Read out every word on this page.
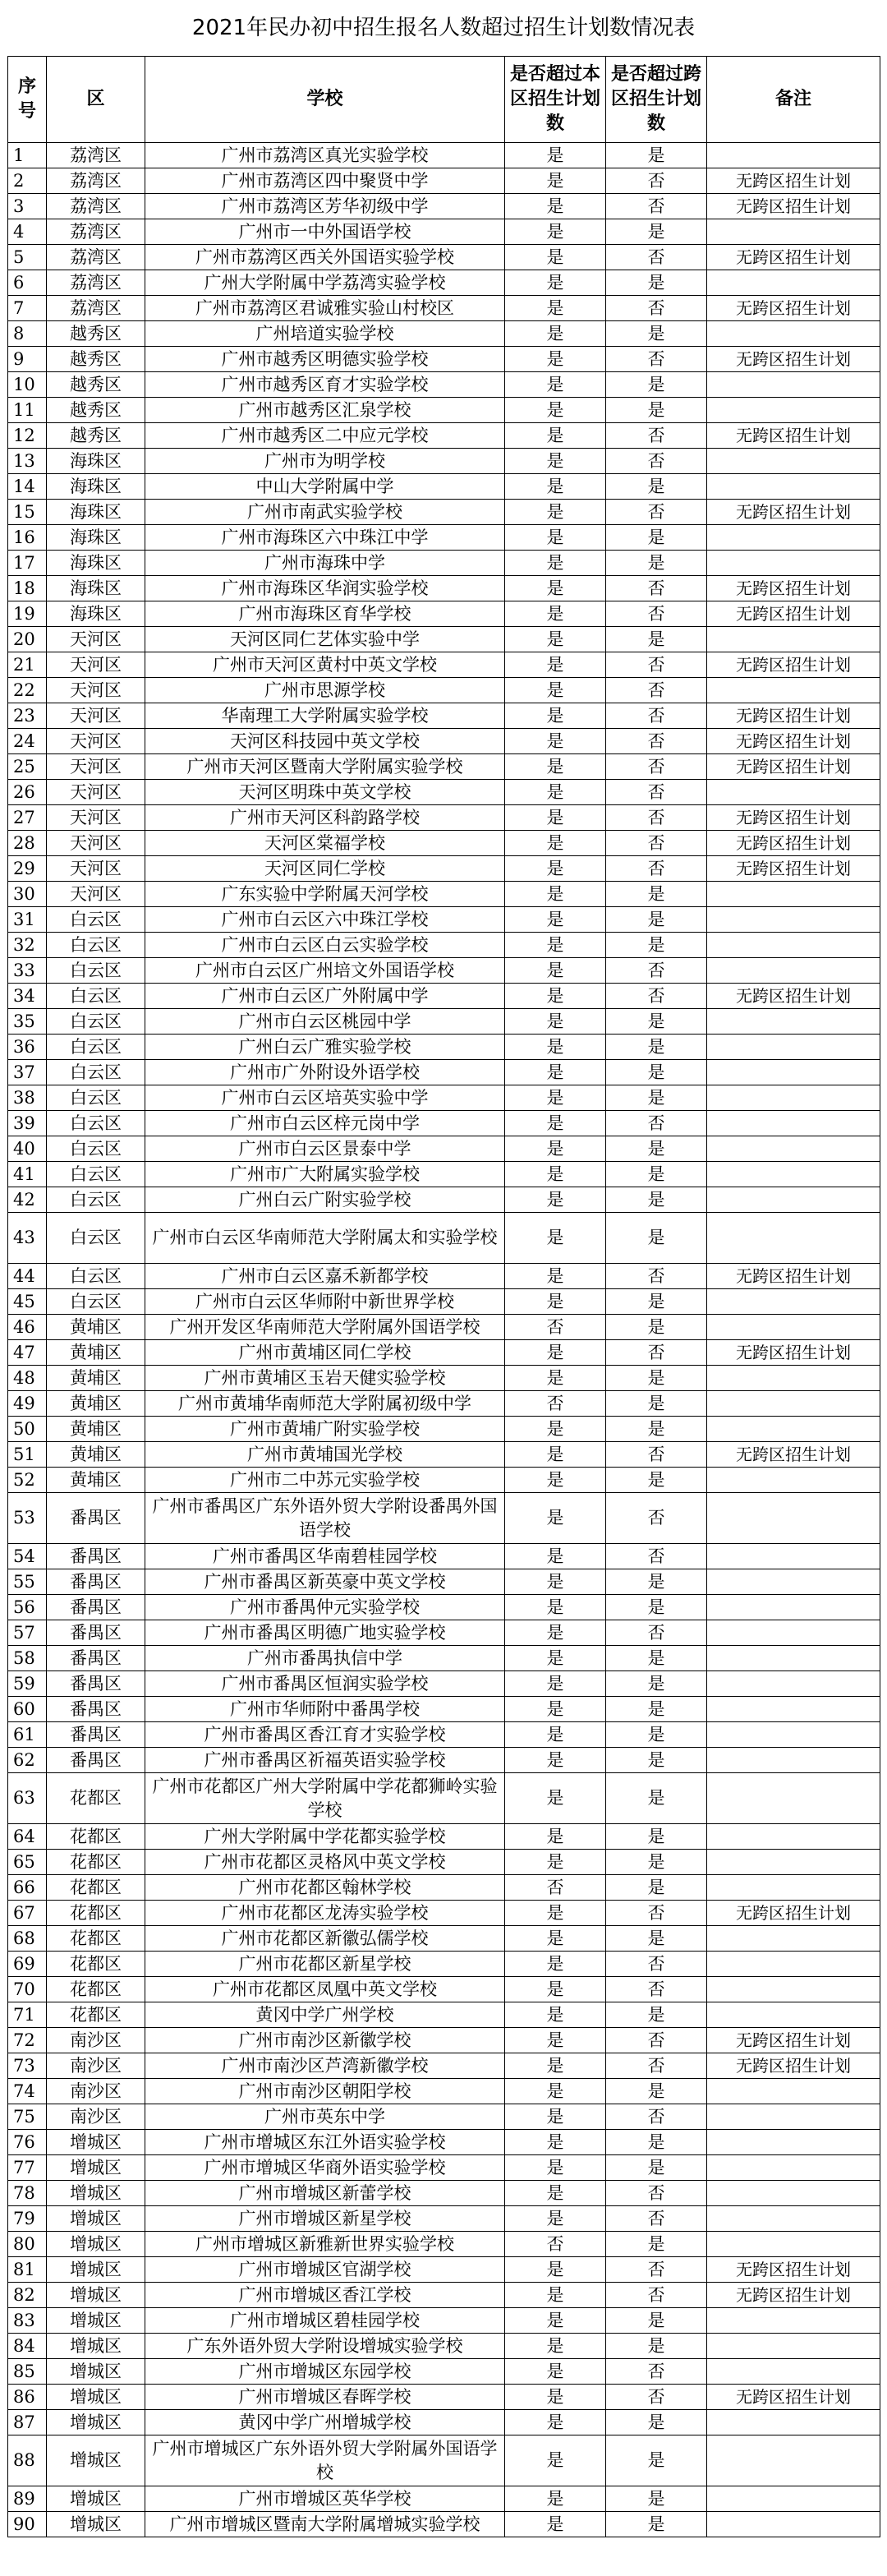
2021年民办初中招生报名人数超过招生计划数情况表
序号	区	学校	是否超过本区招生计划数	是否超过跨区招生计划数	备注
1	荔湾区	广州市荔湾区真光实验学校	是	是	
2	荔湾区	广州市荔湾区四中聚贤中学	是	否	无跨区招生计划
3	荔湾区	广州市荔湾区芳华初级中学	是	否	无跨区招生计划
4	荔湾区	广州市一中外国语学校	是	是	
5	荔湾区	广州市荔湾区西关外国语实验学校	是	否	无跨区招生计划
6	荔湾区	广州大学附属中学荔湾实验学校	是	是	
7	荔湾区	广州市荔湾区君诚雅实验山村校区	是	否	无跨区招生计划
8	越秀区	广州培道实验学校	是	是	
9	越秀区	广州市越秀区明德实验学校	是	否	无跨区招生计划
10	越秀区	广州市越秀区育才实验学校	是	是	
11	越秀区	广州市越秀区汇泉学校	是	是	
12	越秀区	广州市越秀区二中应元学校	是	否	无跨区招生计划
13	海珠区	广州市为明学校	是	否	
14	海珠区	中山大学附属中学	是	是	
15	海珠区	广州市南武实验学校	是	否	无跨区招生计划
16	海珠区	广州市海珠区六中珠江中学	是	是	
17	海珠区	广州市海珠中学	是	是	
18	海珠区	广州市海珠区华润实验学校	是	否	无跨区招生计划
19	海珠区	广州市海珠区育华学校	是	否	无跨区招生计划
20	天河区	天河区同仁艺体实验中学	是	是	
21	天河区	广州市天河区黄村中英文学校	是	否	无跨区招生计划
22	天河区	广州市思源学校	是	否	
23	天河区	华南理工大学附属实验学校	是	否	无跨区招生计划
24	天河区	天河区科技园中英文学校	是	否	无跨区招生计划
25	天河区	广州市天河区暨南大学附属实验学校	是	否	无跨区招生计划
26	天河区	天河区明珠中英文学校	是	否	
27	天河区	广州市天河区科韵路学校	是	否	无跨区招生计划
28	天河区	天河区棠福学校	是	否	无跨区招生计划
29	天河区	天河区同仁学校	是	否	无跨区招生计划
30	天河区	广东实验中学附属天河学校	是	是	
31	白云区	广州市白云区六中珠江学校	是	是	
32	白云区	广州市白云区白云实验学校	是	是	
33	白云区	广州市白云区广州培文外国语学校	是	否	
34	白云区	广州市白云区广外附属中学	是	否	无跨区招生计划
35	白云区	广州市白云区桃园中学	是	是	
36	白云区	广州白云广雅实验学校	是	是	
37	白云区	广州市广外附设外语学校	是	是	
38	白云区	广州市白云区培英实验中学	是	是	
39	白云区	广州市白云区梓元岗中学	是	否	
40	白云区	广州市白云区景泰中学	是	是	
41	白云区	广州市广大附属实验学校	是	是	
42	白云区	广州白云广附实验学校	是	是	
43	白云区	广州市白云区华南师范大学附属太和实验学校	是	是	
44	白云区	广州市白云区嘉禾新都学校	是	否	无跨区招生计划
45	白云区	广州市白云区华师附中新世界学校	是	是	
46	黄埔区	广州开发区华南师范大学附属外国语学校	否	是	
47	黄埔区	广州市黄埔区同仁学校	是	否	无跨区招生计划
48	黄埔区	广州市黄埔区玉岩天健实验学校	是	是	
49	黄埔区	广州市黄埔华南师范大学附属初级中学	否	是	
50	黄埔区	广州市黄埔广附实验学校	是	是	
51	黄埔区	广州市黄埔国光学校	是	否	无跨区招生计划
52	黄埔区	广州市二中苏元实验学校	是	是	
53	番禺区	广州市番禺区广东外语外贸大学附设番禺外国语学校	是	否	
54	番禺区	广州市番禺区华南碧桂园学校	是	否	
55	番禺区	广州市番禺区新英豪中英文学校	是	是	
56	番禺区	广州市番禺仲元实验学校	是	是	
57	番禺区	广州市番禺区明德广地实验学校	是	否	
58	番禺区	广州市番禺执信中学	是	是	
59	番禺区	广州市番禺区恒润实验学校	是	是	
60	番禺区	广州市华师附中番禺学校	是	是	
61	番禺区	广州市番禺区香江育才实验学校	是	是	
62	番禺区	广州市番禺区祈福英语实验学校	是	是	
63	花都区	广州市花都区广州大学附属中学花都狮岭实验学校	是	是	
64	花都区	广州大学附属中学花都实验学校	是	是	
65	花都区	广州市花都区灵格风中英文学校	是	是	
66	花都区	广州市花都区翰林学校	否	是	
67	花都区	广州市花都区龙涛实验学校	是	否	无跨区招生计划
68	花都区	广州市花都区新徽弘儒学校	是	是	
69	花都区	广州市花都区新星学校	是	否	
70	花都区	广州市花都区凤凰中英文学校	是	否	
71	花都区	黄冈中学广州学校	是	是	
72	南沙区	广州市南沙区新徽学校	是	否	无跨区招生计划
73	南沙区	广州市南沙区芦湾新徽学校	是	否	无跨区招生计划
74	南沙区	广州市南沙区朝阳学校	是	是	
75	南沙区	广州市英东中学	是	否	
76	增城区	广州市增城区东江外语实验学校	是	是	
77	增城区	广州市增城区华商外语实验学校	是	是	
78	增城区	广州市增城区新蕾学校	是	否	
79	增城区	广州市增城区新星学校	是	否	
80	增城区	广州市增城区新雅新世界实验学校	否	是	
81	增城区	广州市增城区官湖学校	是	否	无跨区招生计划
82	增城区	广州市增城区香江学校	是	否	无跨区招生计划
83	增城区	广州市增城区碧桂园学校	是	是	
84	增城区	广东外语外贸大学附设增城实验学校	是	是	
85	增城区	广州市增城区东园学校	是	否	
86	增城区	广州市增城区春晖学校	是	否	无跨区招生计划
87	增城区	黄冈中学广州增城学校	是	是	
88	增城区	广州市增城区广东外语外贸大学附属外国语学校	是	是	
89	增城区	广州市增城区英华学校	是	是	
90	增城区	广州市增城区暨南大学附属增城实验学校	是	是	
